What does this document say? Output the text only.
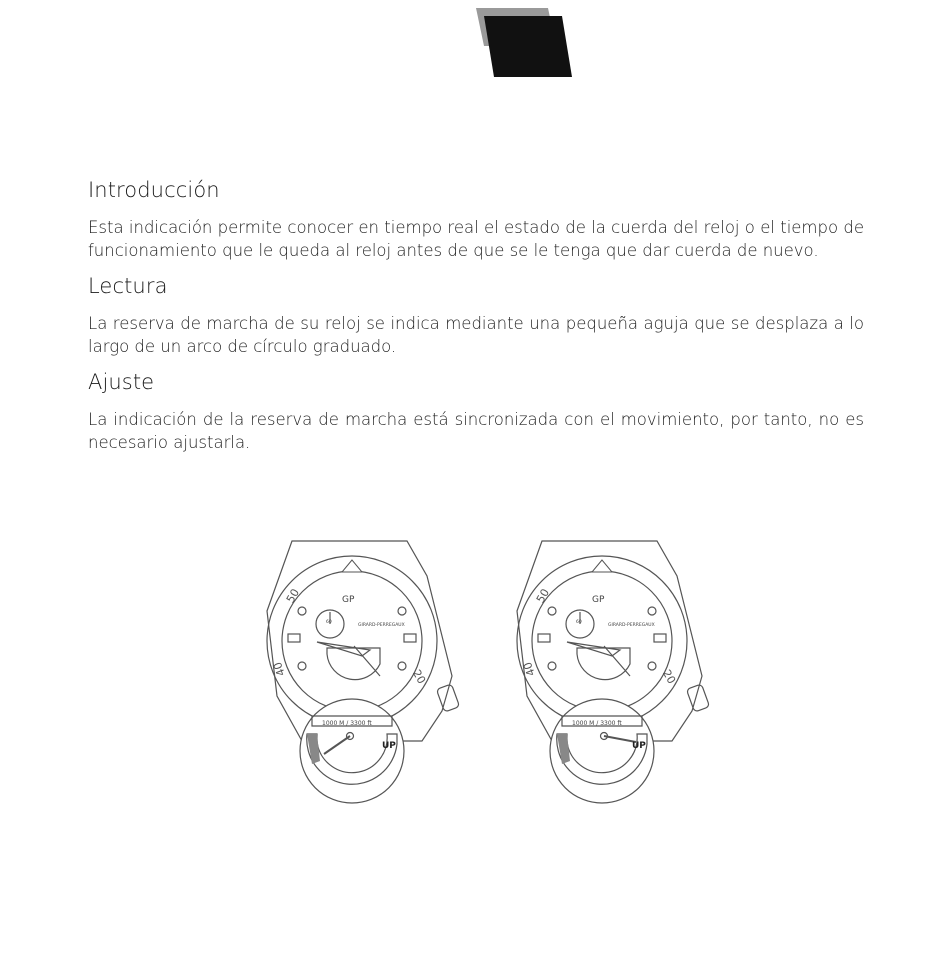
Introducción

Esta indicación permite conocer en tiempo real el estado de la cuerda del reloj o el tiempo de funcionamiento que le queda al reloj antes de que se le tenga que dar cuerda de nuevo.

Lectura

La reserva de marcha de su reloj se indica mediante una pequeña aguja que se desplaza a lo largo de un arco de círculo graduado.

Ajuste

La indicación de la reserva de marcha está sincronizada con el movimiento, por tanto, no es necesario ajustarla.

GP
GIRARD-PERREGAUX
60
50
40	20
1000 M / 3300 ft
UP
GP
GIRARD-PERREGAUX
60
50
40	20
1000 M / 3300 ft
UP
